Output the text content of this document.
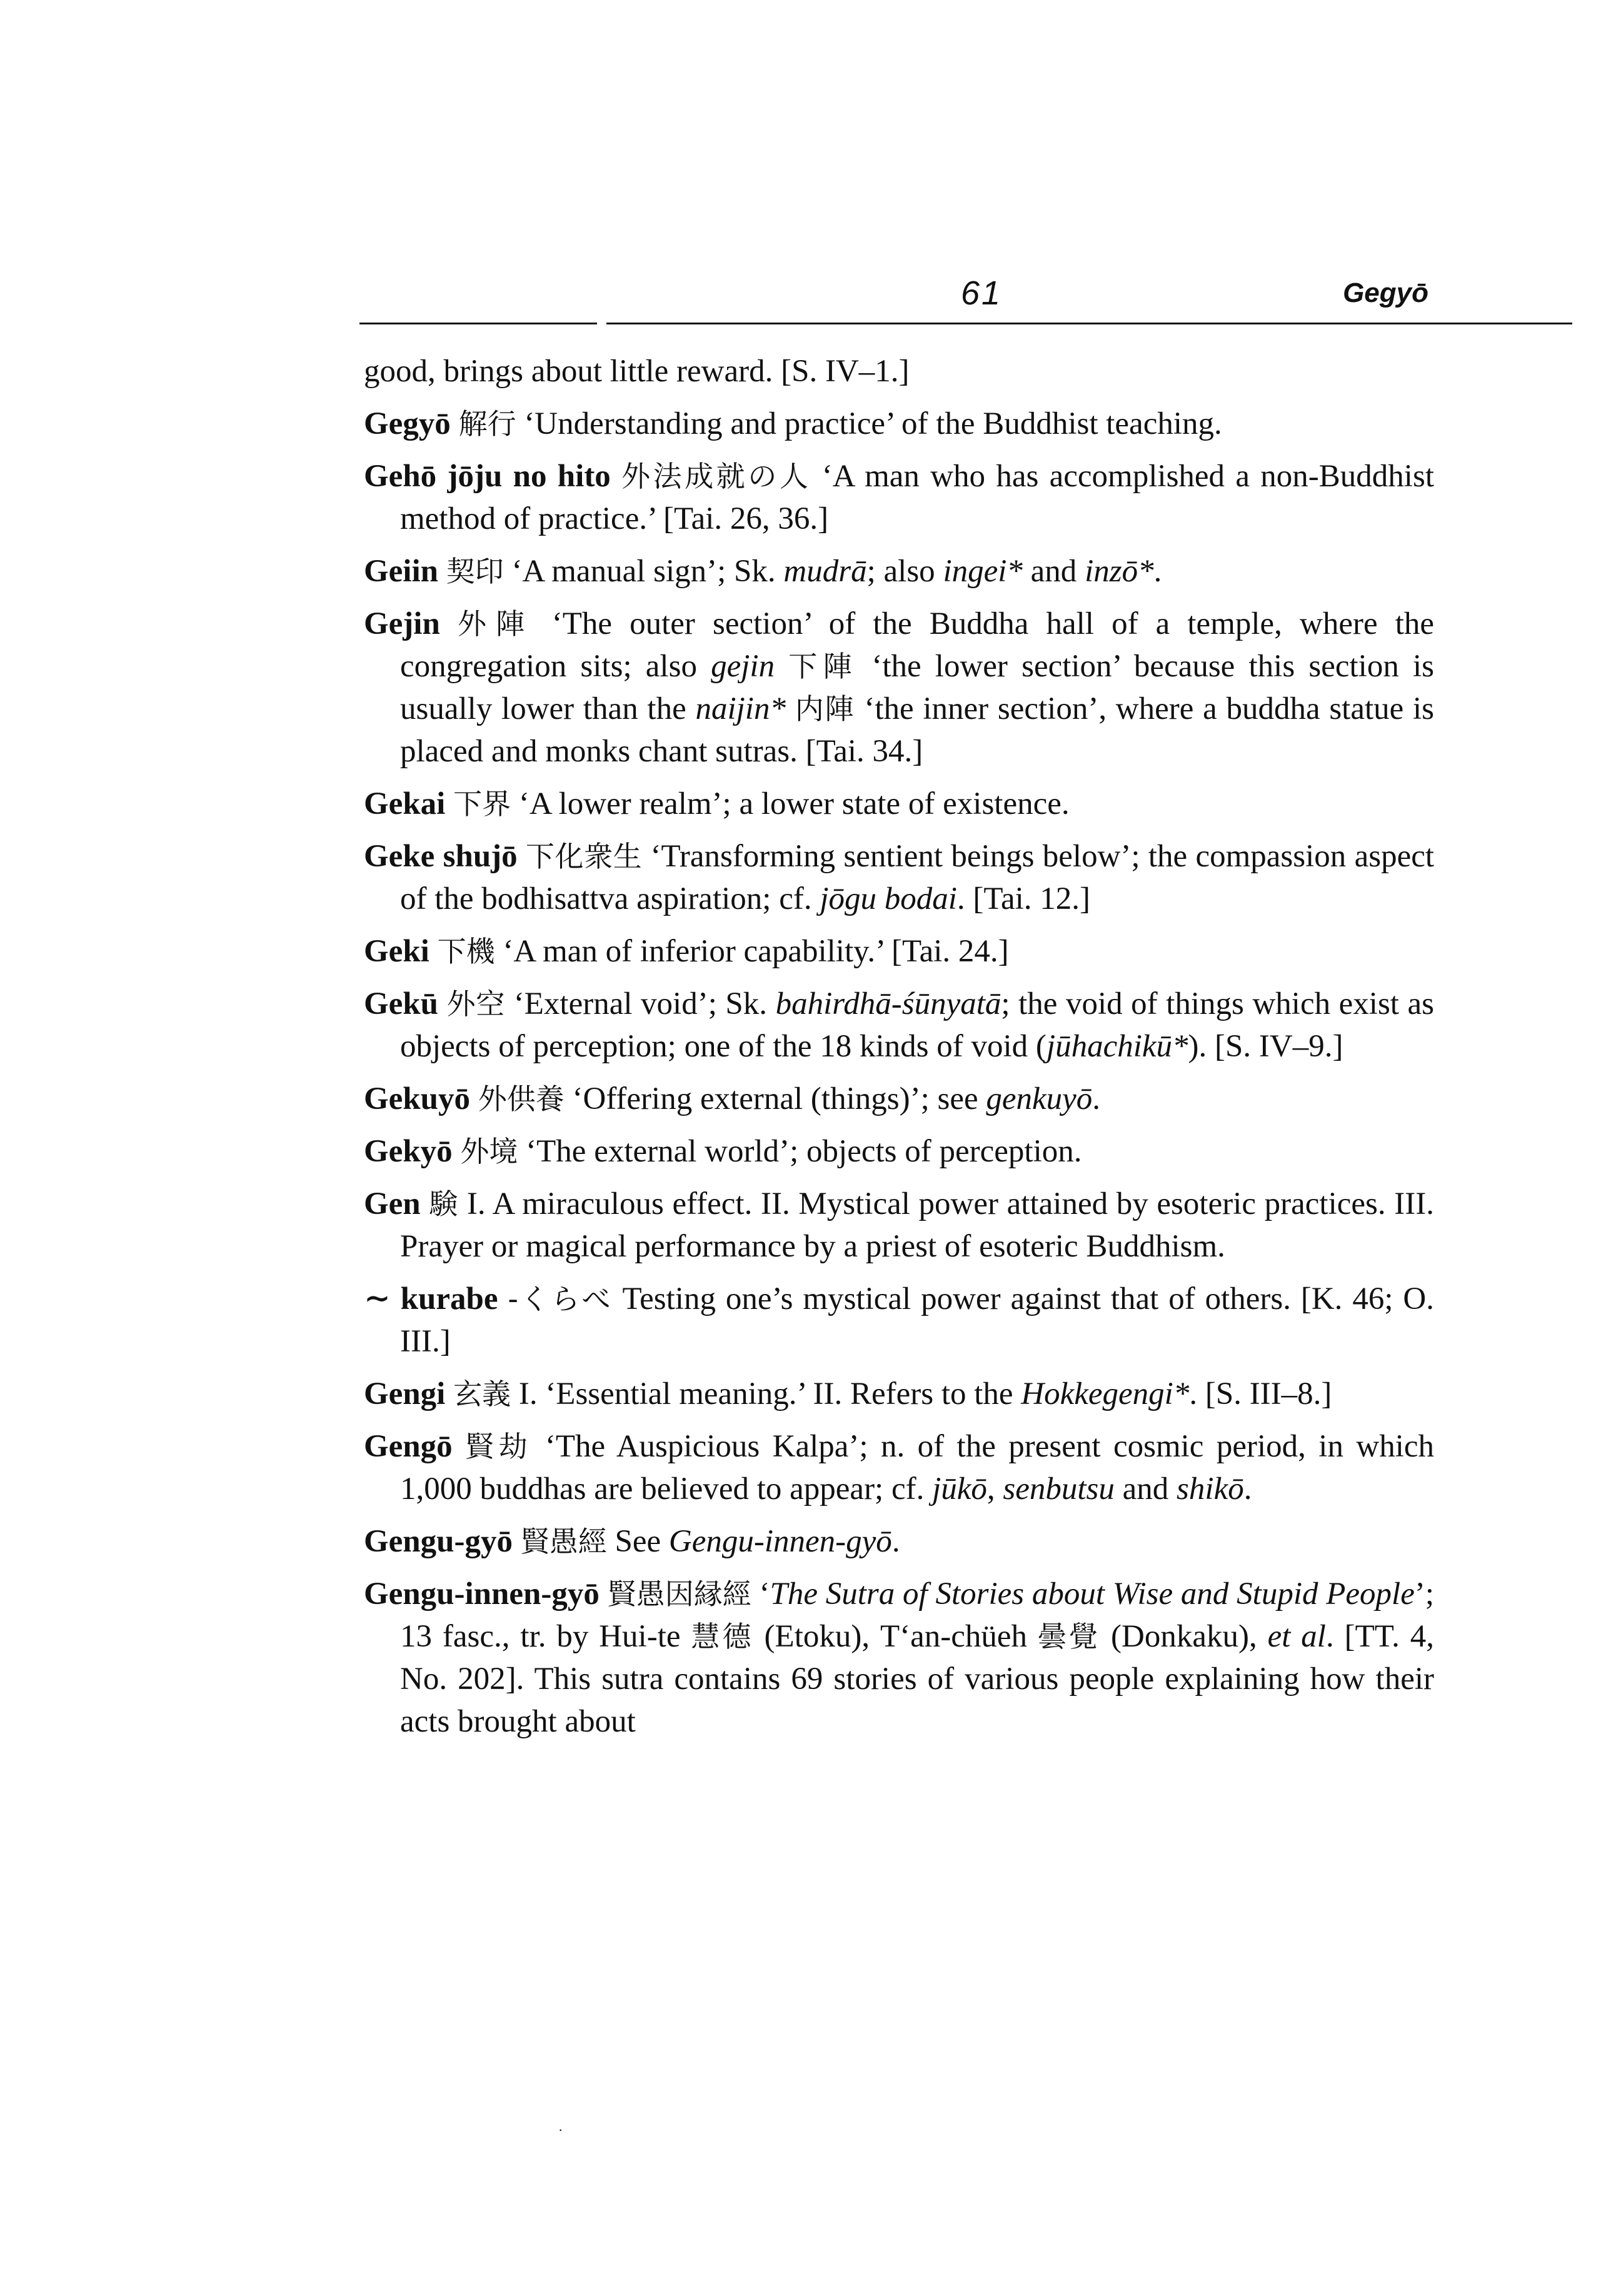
61	Gegyō
good, brings about little reward. [S. IV–1.]
Gegyō 解行 ‘Understanding and practice’ of the Buddhist teaching.
Gehō jōju no hito 外法成就の人 ‘A man who has accomplished a non-Buddhist method of practice.’ [Tai. 26, 36.]
Geiin 契印 ‘A manual sign’; Sk. mudrā; also ingei* and inzō*.
Gejin 外陣 ‘The outer section’ of the Buddha hall of a temple, where the congregation sits; also gejin 下陣 ‘the lower section’ because this section is usually lower than the naijin* 内陣 ‘the inner section’, where a buddha statue is placed and monks chant sutras. [Tai. 34.]
Gekai 下界 ‘A lower realm’; a lower state of existence.
Geke shujō 下化衆生 ‘Transforming sentient beings below’; the compassion aspect of the bodhisattva aspiration; cf. jōgu bodai. [Tai. 12.]
Geki 下機 ‘A man of inferior capability.’ [Tai. 24.]
Gekū 外空 ‘External void’; Sk. bahirdhā-śūnyatā; the void of things which exist as objects of perception; one of the 18 kinds of void (jūhachikū*). [S. IV–9.]
Gekuyō 外供養 ‘Offering external (things)’; see genkuyō.
Gekyō 外境 ‘The external world’; objects of perception.
Gen 験 I. A miraculous effect. II. Mystical power attained by esoteric practices. III. Prayer or magical performance by a priest of esoteric Buddhism.
∼ kurabe -くらべ Testing one’s mystical power against that of others. [K. 46; O. III.]
Gengi 玄義 I. ‘Essential meaning.’ II. Refers to the Hokkegengi*. [S. III–8.]
Gengō 賢劫 ‘The Auspicious Kalpa’; n. of the present cosmic period, in which 1,000 buddhas are believed to appear; cf. jūkō, senbutsu and shikō.
Gengu-gyō 賢愚經 See Gengu-innen-gyō.
Gengu-innen-gyō 賢愚因縁經 ‘The Sutra of Stories about Wise and Stupid People’; 13 fasc., tr. by Hui-te 慧德 (Etoku), T‘an-chüeh 曇覺 (Donkaku), et al. [TT. 4, No. 202]. This sutra contains 69 stories of various people explaining how their acts brought about
·
